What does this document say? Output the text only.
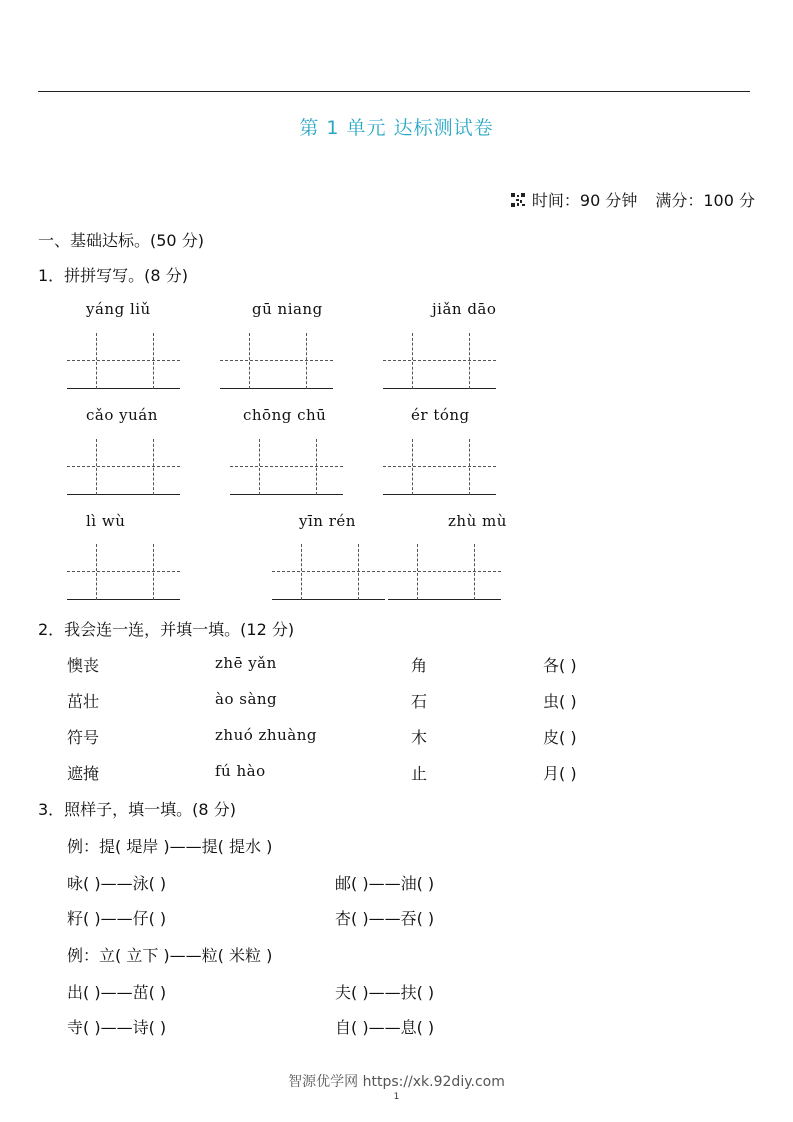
第 1 单元 达标测试卷
时间：90 分钟 满分：100 分
一、基础达标。(50 分)
1．拼拼写写。(8 分)
yáng liǔ	gū niang	jiǎn dāo
cǎo yuán	chōng chū	ér tóng
lì wù	yīn rén	zhù mù
2．我会连一连，并填一填。(12 分)
懊丧	zhē yǎn	角	各( )
茁壮	ào sàng	石	虫( )
符号	zhuó zhuàng	木	皮( )
遮掩	fú hào	止	月( )
3．照样子，填一填。(8 分)
例：提( 堤岸 )——提( 提水 )
咏( )——泳( )	邮( )——油( )
籽( )——仔( )	杏( )——吞( )
例：立( 立下 )——粒( 米粒 )
出( )——茁( )	夫( )——扶( )
寺( )——诗( )	自( )——息( )
智源优学网 https://xk.92diy.com
1
